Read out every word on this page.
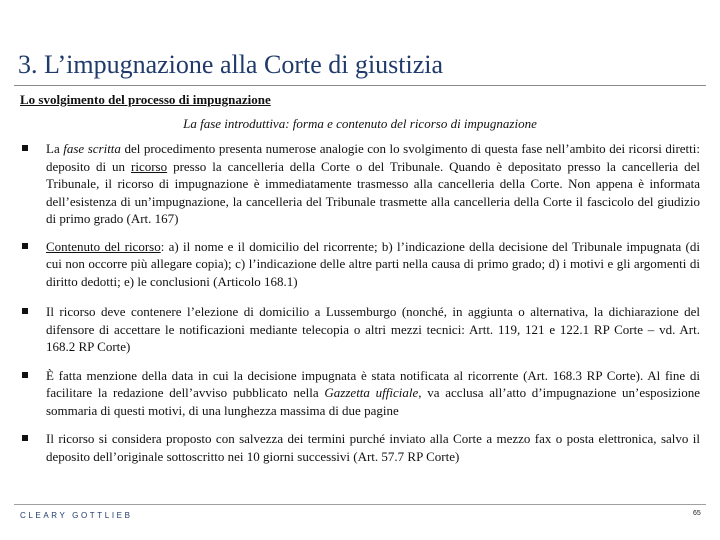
3. L’impugnazione alla Corte di giustizia
Lo svolgimento del processo di impugnazione
La fase introduttiva: forma e contenuto del ricorso di impugnazione
La fase scritta del procedimento presenta numerose analogie con lo svolgimento di questa fase nell’ambito dei ricorsi diretti: deposito di un ricorso presso la cancelleria della Corte o del Tribunale. Quando è depositato presso la cancelleria del Tribunale, il ricorso di impugnazione è immediatamente trasmesso alla cancelleria della Corte. Non appena è informata dell’esistenza di un’impugnazione, la cancelleria del Tribunale trasmette alla cancelleria della Corte il fascicolo del giudizio di primo grado (Art. 167)
Contenuto del ricorso: a) il nome e il domicilio del ricorrente; b) l’indicazione della decisione del Tribunale impugnata (di cui non occorre più allegare copia); c) l’indicazione delle altre parti nella causa di primo grado; d) i motivi e gli argomenti di diritto dedotti; e) le conclusioni (Articolo 168.1)
Il ricorso deve contenere l’elezione di domicilio a Lussemburgo (nonché, in aggiunta o alternativa, la dichiarazione del difensore di accettare le notificazioni mediante telecopia o altri mezzi tecnici: Artt. 119, 121 e 122.1 RP Corte – vd. Art. 168.2 RP Corte)
È fatta menzione della data in cui la decisione impugnata è stata notificata al ricorrente (Art. 168.3 RP Corte). Al fine di facilitare la redazione dell’avviso pubblicato nella Gazzetta ufficiale, va acclusa all’atto d’impugnazione un’esposizione sommaria di questi motivi, di una lunghezza massima di due pagine
Il ricorso si considera proposto con salvezza dei termini purché inviato alla Corte a mezzo fax o posta elettronica, salvo il deposito dell’originale sottoscritto nei 10 giorni successivi (Art. 57.7 RP Corte)
CLEARY GOTTLIEB	65
